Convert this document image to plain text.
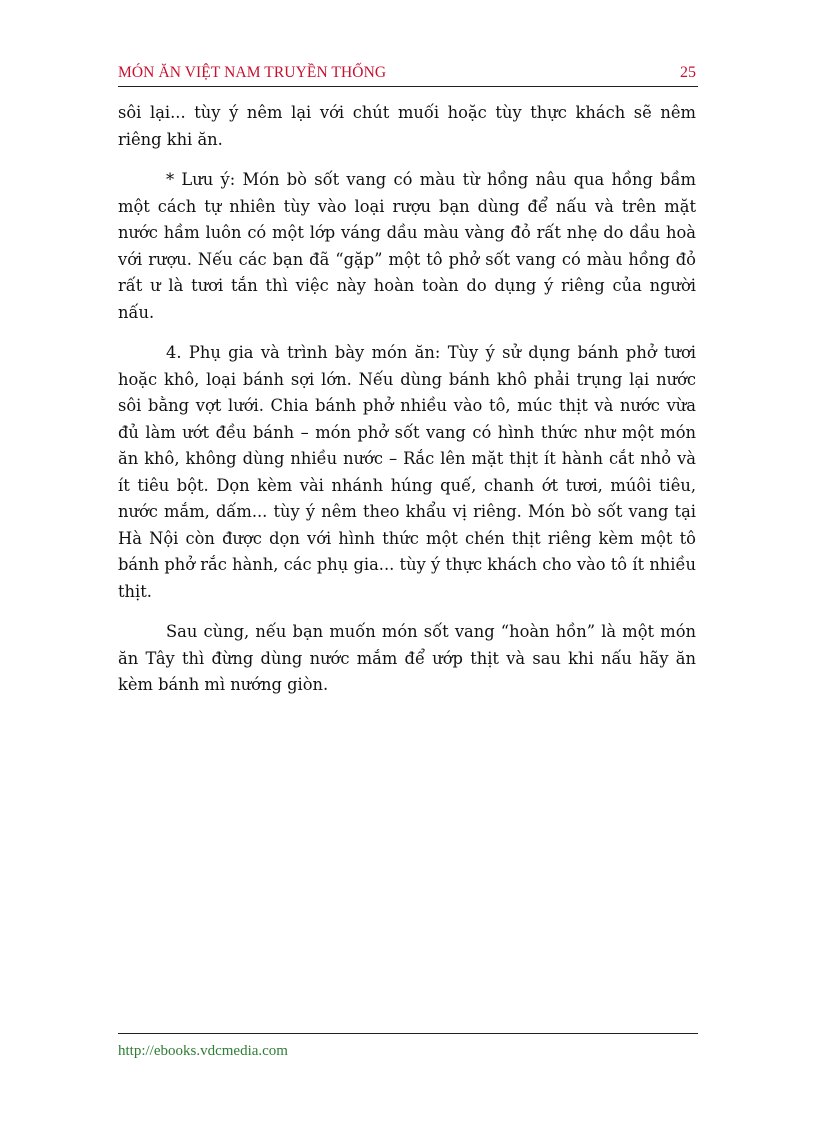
MÓN ĂN VIỆT NAM TRUYỀN THỐNG	25

sôi lại... tùy ý nêm lại với chút muối hoặc tùy thực khách sẽ nêm riêng khi ăn.

* Lưu ý: Món bò sốt vang có màu từ hồng nâu qua hồng bầm một cách tự nhiên tùy vào loại rượu bạn dùng để nấu và trên mặt nước hầm luôn có một lớp váng dầu màu vàng đỏ rất nhẹ do dầu hoà với rượu. Nếu các bạn đã “gặp” một tô phở sốt vang có màu hồng đỏ rất ư là tươi tắn thì việc này hoàn toàn do dụng ý riêng của người nấu.

4. Phụ gia và trình bày món ăn: Tùy ý sử dụng bánh phở tươi hoặc khô, loại bánh sợi lớn. Nếu dùng bánh khô phải trụng lại nước sôi bằng vợt lưới. Chia bánh phở nhiều vào tô, múc thịt và nước vừa đủ làm ướt đều bánh – món phở sốt vang có hình thức như một món ăn khô, không dùng nhiều nước – Rắc lên mặt thịt ít hành cắt nhỏ và ít tiêu bột. Dọn kèm vài nhánh húng quế, chanh ớt tươi, múôi tiêu, nước mắm, dấm... tùy ý nêm theo khẩu vị riêng. Món bò sốt vang tại Hà Nội còn được dọn với hình thức một chén thịt riêng kèm một tô bánh phở rắc hành, các phụ gia... tùy ý thực khách cho vào tô ít nhiều thịt.

Sau cùng, nếu bạn muốn món sốt vang “hoàn hồn” là một món ăn Tây thì đừng dùng nước mắm để ướp thịt và sau khi nấu hãy ăn kèm bánh mì nướng giòn.

http://ebooks.vdcmedia.com
